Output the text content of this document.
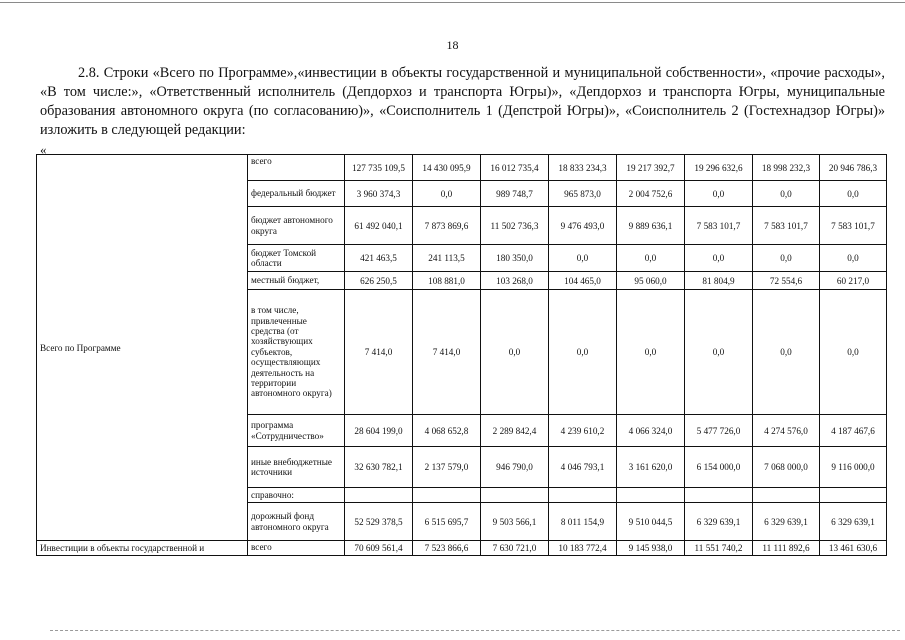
18

2.8. Строки «Всего по Программе»,«инвестиции в объекты государственной и муниципальной собственности», «прочие расходы», «В том числе:», «Ответственный исполнитель (Депдорхоз и транспорта Югры)», «Депдорхоз и транспорта Югры, муниципальные образования автономного округа (по согласованию)», «Соисполнитель 1 (Депстрой Югры)», «Соисполнитель 2 (Гостехнадзор Югры)» изложить в следующей редакции:

«
Всего по Программе	всего	127 735 109,5	14 430 095,9	16 012 735,4	18 833 234,3	19 217 392,7	19 296 632,6	18 998 232,3	20 946 786,3
	федеральный бюджет	3 960 374,3	0,0	989 748,7	965 873,0	2 004 752,6	0,0	0,0	0,0
	бюджет автономного округа	61 492 040,1	7 873 869,6	11 502 736,3	9 476 493,0	9 889 636,1	7 583 101,7	7 583 101,7	7 583 101,7
	бюджет Томской области	421 463,5	241 113,5	180 350,0	0,0	0,0	0,0	0,0	0,0
	местный бюджет,	626 250,5	108 881,0	103 268,0	104 465,0	95 060,0	81 804,9	72 554,6	60 217,0
	в том числе, привлеченные средства (от хозяйствующих субъектов, осуществляющих деятельность на территории автономного округа)	7 414,0	7 414,0	0,0	0,0	0,0	0,0	0,0	0,0
	программа «Сотрудничество»	28 604 199,0	4 068 652,8	2 289 842,4	4 239 610,2	4 066 324,0	5 477 726,0	4 274 576,0	4 187 467,6
	иные внебюджетные источники	32 630 782,1	2 137 579,0	946 790,0	4 046 793,1	3 161 620,0	6 154 000,0	7 068 000,0	9 116 000,0
	справочно:								
	дорожный фонд автономного округа	52 529 378,5	6 515 695,7	9 503 566,1	8 011 154,9	9 510 044,5	6 329 639,1	6 329 639,1	6 329 639,1
Инвестиции в объекты государственной и	всего	70 609 561,4	7 523 866,6	7 630 721,0	10 183 772,4	9 145 938,0	11 551 740,2	11 111 892,6	13 461 630,6
